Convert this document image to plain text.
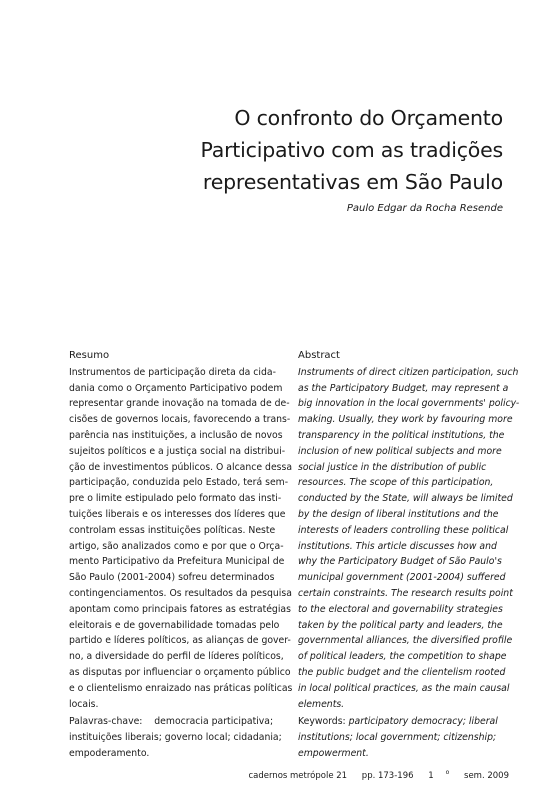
O confronto do Orçamento
Participativo com as tradições
representativas em São Paulo
Paulo Edgar da Rocha Resende
Resumo
Instrumentos de participação direta da cida-
dania como o Orçamento Participativo podem
representar grande inovação na tomada de de-
cisões de governos locais, favorecendo a trans-
parência nas instituições, a inclusão de novos
sujeitos políticos e a justiça social na distribui-
ção de investimentos públicos. O alcance dessa
participação, conduzida pelo Estado, terá sem-
pre o limite estipulado pelo formato das insti-
tuições liberais e os interesses dos líderes que
controlam essas instituições políticas. Neste
artigo, são analizados como e por que o Orça-
mento Participativo da Prefeitura Municipal de
São Paulo (2001-2004) sofreu determinados
contingenciamentos. Os resultados da pesquisa
apontam como principais fatores as estratégias
eleitorais e de governabilidade tomadas pelo
partido e líderes políticos, as alianças de gover-
no, a diversidade do perfil de líderes políticos,
as disputas por influenciar o orçamento público
e o clientelismo enraizado nas práticas políticas
locais.
Palavras-chave: democracia participativa;
instituições liberais; governo local; cidadania;
empoderamento.
Abstract
Instruments of direct citizen participation, such
as the Participatory Budget, may represent a
big innovation in the local governments' policy-
making. Usually, they work by favouring more
transparency in the political institutions, the
inclusion of new political subjects and more
social justice in the distribution of public
resources. The scope of this participation,
conducted by the State, will always be limited
by the design of liberal institutions and the
interests of leaders controlling these political
institutions. This article discusses how and
why the Participatory Budget of São Paulo's
municipal government (2001-2004) suffered
certain constraints. The research results point
to the electoral and governability strategies
taken by the political party and leaders, the
governmental alliances, the diversified profile
of political leaders, the competition to shape
the public budget and the clientelism rooted
in local political practices, as the main causal
elements.
Keywords: participatory democracy; liberal
institutions; local government; citizenship;
empowerment.
cadernos metrópole 21 pp. 173-196 1 $^o$ sem. 2009
